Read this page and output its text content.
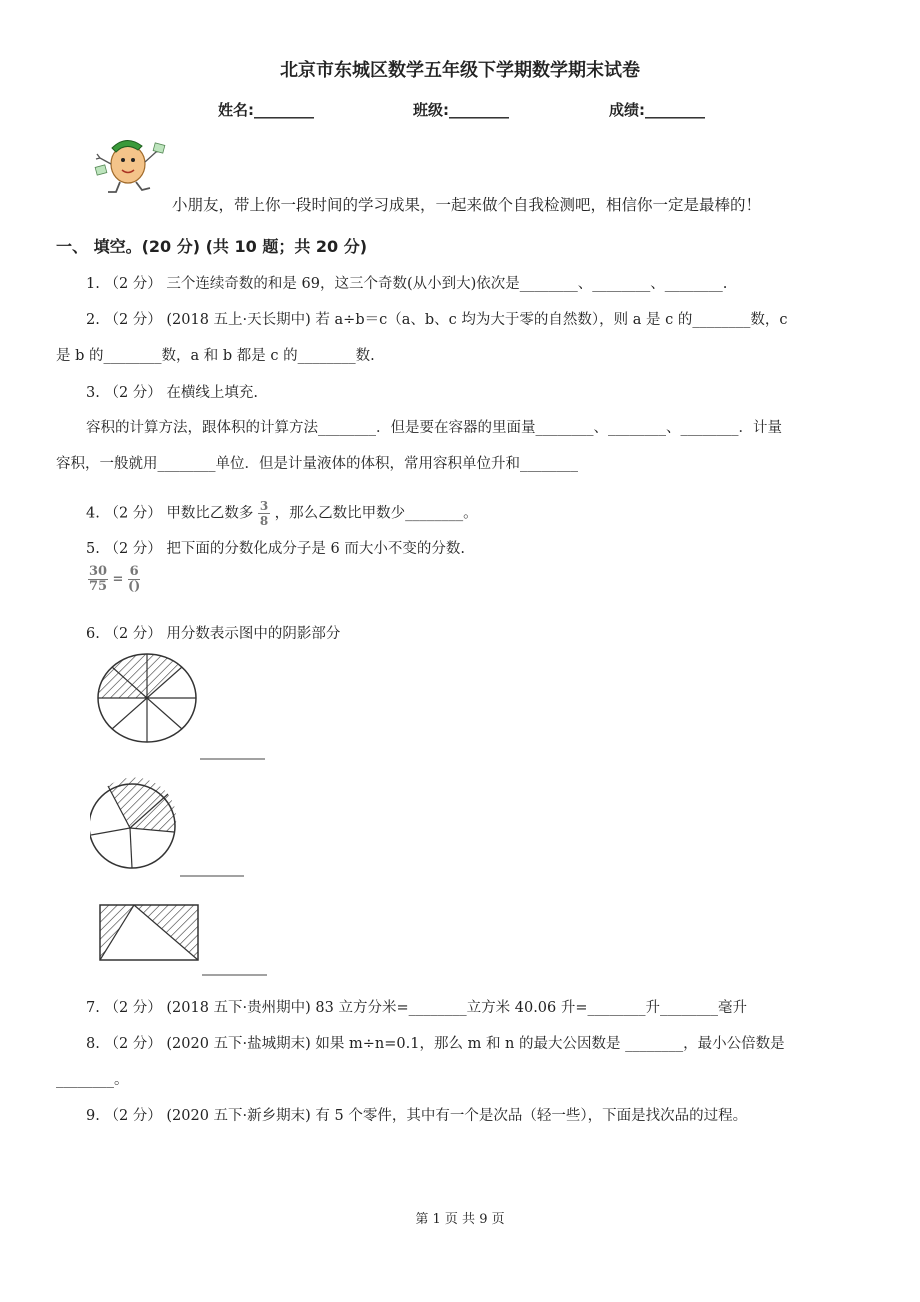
北京市东城区数学五年级下学期数学期末试卷
姓名:________	班级:________	成绩:________
小朋友，带上你一段时间的学习成果，一起来做个自我检测吧，相信你一定是最棒的！
一、 填空。(20 分) (共 10 题；共 20 分)
1. （2 分） 三个连续奇数的和是 69，这三个奇数(从小到大)依次是________、________、________.
2. （2 分） (2018 五上·天长期中) 若 a÷b＝c（a、b、c 均为大于零的自然数），则 a 是 c 的________数，c
是 b 的________数，a 和 b 都是 c 的________数.
3. （2 分） 在横线上填充.
容积的计算方法，跟体积的计算方法________．但是要在容器的里面量________、________、________．计量
容积，一般就用________单位．但是计量液体的体积，常用容积单位升和________
4. （2 分） 甲数比乙数多 $\frac{3}{8}$ ，那么乙数比甲数少________。
5. （2 分） 把下面的分数化成分子是 6 而大小不变的分数.
$\frac{30}{75} = \frac{6}{()}$
6. （2 分） 用分数表示图中的阴影部分
7. （2 分） (2018 五下·贵州期中) 83 立方分米=________立方米 40.06 升=________升________毫升
8. （2 分） (2020 五下·盐城期末) 如果 m÷n=0.1，那么 m 和 n 的最大公因数是 ________，最小公倍数是
________。
9. （2 分） (2020 五下·新乡期末) 有 5 个零件，其中有一个是次品（轻一些），下面是找次品的过程。
第 1 页 共 9 页
